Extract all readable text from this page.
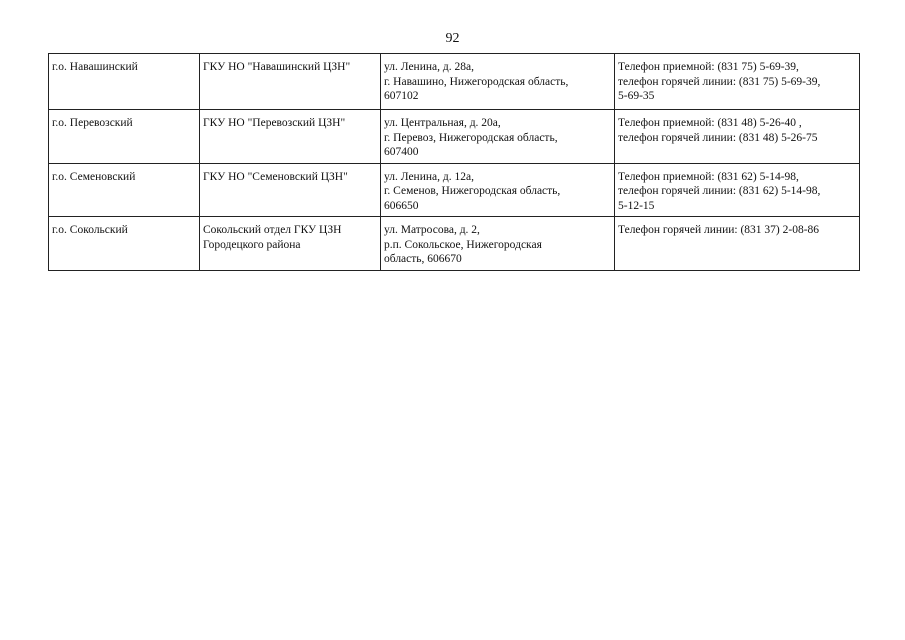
92
г.о. Навашинский	ГКУ НО "Навашинский ЦЗН"	ул. Ленина, д. 28а,
г. Навашино, Нижегородская область,
607102	Телефон приемной: (831 75) 5-69-39,
телефон горячей линии: (831 75) 5-69-39,
5-69-35
г.о. Перевозский	ГКУ НО "Перевозский ЦЗН"	ул. Центральная, д. 20а,
г. Перевоз, Нижегородская область,
607400	Телефон приемной: (831 48) 5-26-40 ,
телефон горячей линии: (831 48) 5-26-75
г.о. Семеновский	ГКУ НО "Семеновский ЦЗН"	ул. Ленина, д. 12а,
г. Семенов, Нижегородская область,
606650	Телефон приемной: (831 62) 5-14-98,
телефон горячей линии: (831 62) 5-14-98,
5-12-15
г.о. Сокольский	Сокольский отдел ГКУ ЦЗН
Городецкого района	ул. Матросова, д. 2,
р.п. Сокольское, Нижегородская
область, 606670	Телефон горячей линии: (831 37) 2-08-86
